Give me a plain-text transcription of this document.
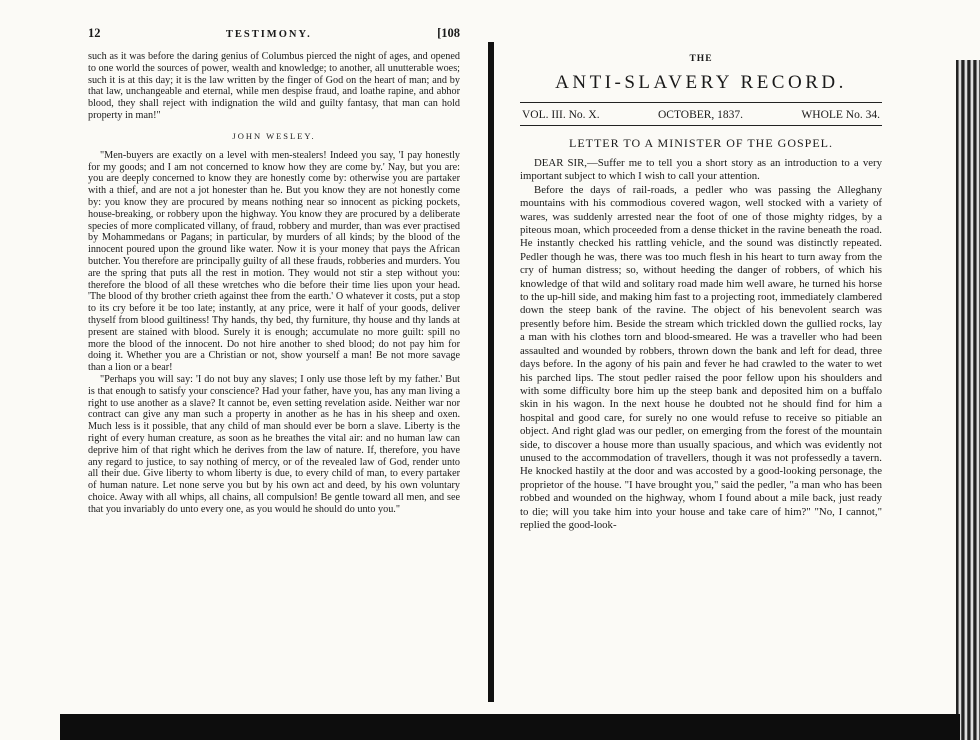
12	TESTIMONY.	[108

such as it was before the daring genius of Columbus pierced the night of ages, and opened to one world the sources of power, wealth and knowledge; to another, all unutterable woes; such it is at this day; it is the law written by the finger of God on the heart of man; and by that law, unchangeable and eternal, while men despise fraud, and loathe rapine, and abhor blood, they shall reject with indignation the wild and guilty fantasy, that man can hold property in man!"

JOHN WESLEY.

"Men-buyers are exactly on a level with men-stealers! Indeed you say, 'I pay honestly for my goods; and I am not concerned to know how they are come by.' Nay, but you are: you are deeply concerned to know they are honestly come by: otherwise you are partaker with a thief, and are not a jot honester than he. But you know they are not honestly come by: you know they are procured by means nothing near so innocent as picking pockets, house-breaking, or robbery upon the highway. You know they are procured by a deliberate species of more complicated villany, of fraud, robbery and murder, than was ever practised by Mohammedans or Pagans; in particular, by murders of all kinds; by the blood of the innocent poured upon the ground like water. Now it is your money that pays the African butcher. You therefore are principally guilty of all these frauds, robberies and murders. You are the spring that puts all the rest in motion. They would not stir a step without you: therefore the blood of all these wretches who die before their time lies upon your head. 'The blood of thy brother crieth against thee from the earth.' O whatever it costs, put a stop to its cry before it be too late; instantly, at any price, were it half of your goods, deliver thyself from blood guiltiness! Thy hands, thy bed, thy furniture, thy house and thy lands at present are stained with blood. Surely it is enough; accumulate no more guilt: spill no more the blood of the innocent. Do not hire another to shed blood; do not pay him for doing it. Whether you are a Christian or not, show yourself a man! Be not more savage than a lion or a bear!

"Perhaps you will say: 'I do not buy any slaves; I only use those left by my father.' But is that enough to satisfy your conscience? Had your father, have you, has any man living a right to use another as a slave? It cannot be, even setting revelation aside. Neither war nor contract can give any man such a property in another as he has in his sheep and oxen. Much less is it possible, that any child of man should ever be born a slave. Liberty is the right of every human creature, as soon as he breathes the vital air: and no human law can deprive him of that right which he derives from the law of nature. If, therefore, you have any regard to justice, to say nothing of mercy, or of the revealed law of God, render unto all their due. Give liberty to whom liberty is due, to every child of man, to every partaker of human nature. Let none serve you but by his own act and deed, by his own voluntary choice. Away with all whips, all chains, all compulsion! Be gentle toward all men, and see that you invariably do unto every one, as you would he should do unto you."

THE
ANTI-SLAVERY RECORD.
VOL. III. No. X.	OCTOBER, 1837.	WHOLE No. 34.
LETTER TO A MINISTER OF THE GOSPEL.

DEAR SIR,—Suffer me to tell you a short story as an introduction to a very important subject to which I wish to call your attention.

Before the days of rail-roads, a pedler who was passing the Alleghany mountains with his commodious covered wagon, well stocked with a variety of wares, was suddenly arrested near the foot of one of those mighty ridges, by a piteous moan, which proceeded from a dense thicket in the ravine beneath the road. He instantly checked his rattling vehicle, and the sound was distinctly repeated. Pedler though he was, there was too much flesh in his heart to turn away from the cry of human distress; so, without heeding the danger of robbers, of which his knowledge of that wild and solitary road made him well aware, he turned his horse to the up-hill side, and making him fast to a projecting root, immediately clambered down the steep bank of the ravine. The object of his benevolent search was presently before him. Beside the stream which trickled down the gullied rocks, lay a man with his clothes torn and blood-smeared. He was a traveller who had been assaulted and wounded by robbers, thrown down the bank and left for dead, three days before. In the agony of his pain and fever he had crawled to the water to wet his parched lips. The stout pedler raised the poor fellow upon his shoulders and with some difficulty bore him up the steep bank and deposited him on a buffalo skin in his wagon. In the next house he doubted not he should find for him a hospital and good care, for surely no one would refuse to receive so pitiable an object. And right glad was our pedler, on emerging from the forest of the mountain side, to discover a house more than usually spacious, and which was evidently not unused to the accommodation of travellers, though it was not professedly a tavern. He knocked hastily at the door and was accosted by a good-looking personage, the proprietor of the house. "I have brought you," said the pedler, "a man who has been robbed and wounded on the highway, whom I found about a mile back, just ready to die; will you take him into your house and take care of him?" "No, I cannot," replied the good-look-
